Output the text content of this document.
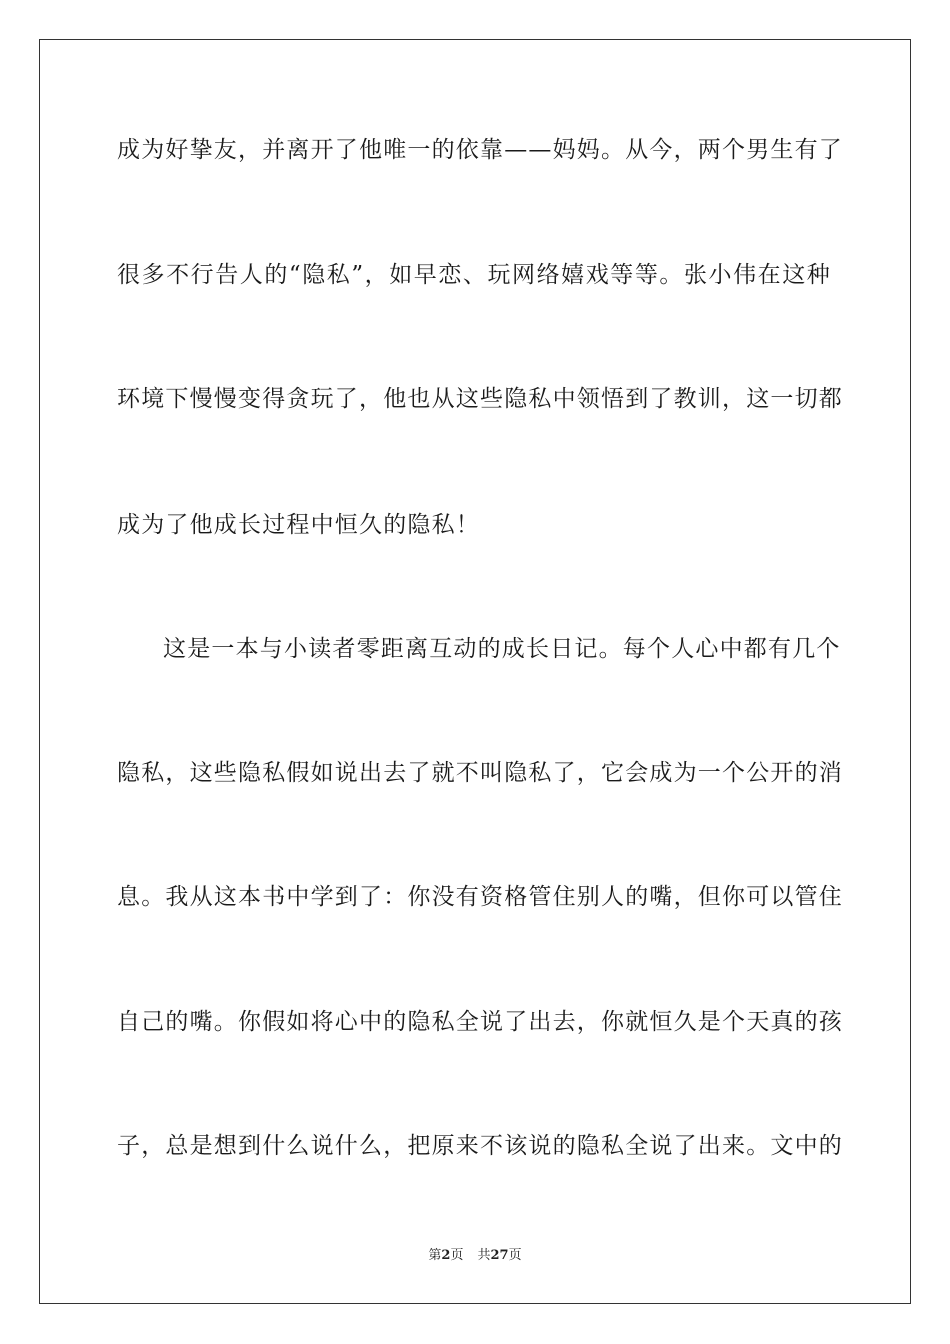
成为好挚友，并离开了他唯一的依靠——妈妈。从今，两个男生有了
很多不行告人的“隐私”，如早恋、玩网络嬉戏等等。张小伟在这种
环境下慢慢变得贪玩了，他也从这些隐私中领悟到了教训，这一切都
成为了他成长过程中恒久的隐私！
这是一本与小读者零距离互动的成长日记。每个人心中都有几个
隐私，这些隐私假如说出去了就不叫隐私了，它会成为一个公开的消
息。我从这本书中学到了：你没有资格管住别人的嘴，但你可以管住
自己的嘴。你假如将心中的隐私全说了出去，你就恒久是个天真的孩
子，总是想到什么说什么，把原来不该说的隐私全说了出来。文中的
第2页 共27页
